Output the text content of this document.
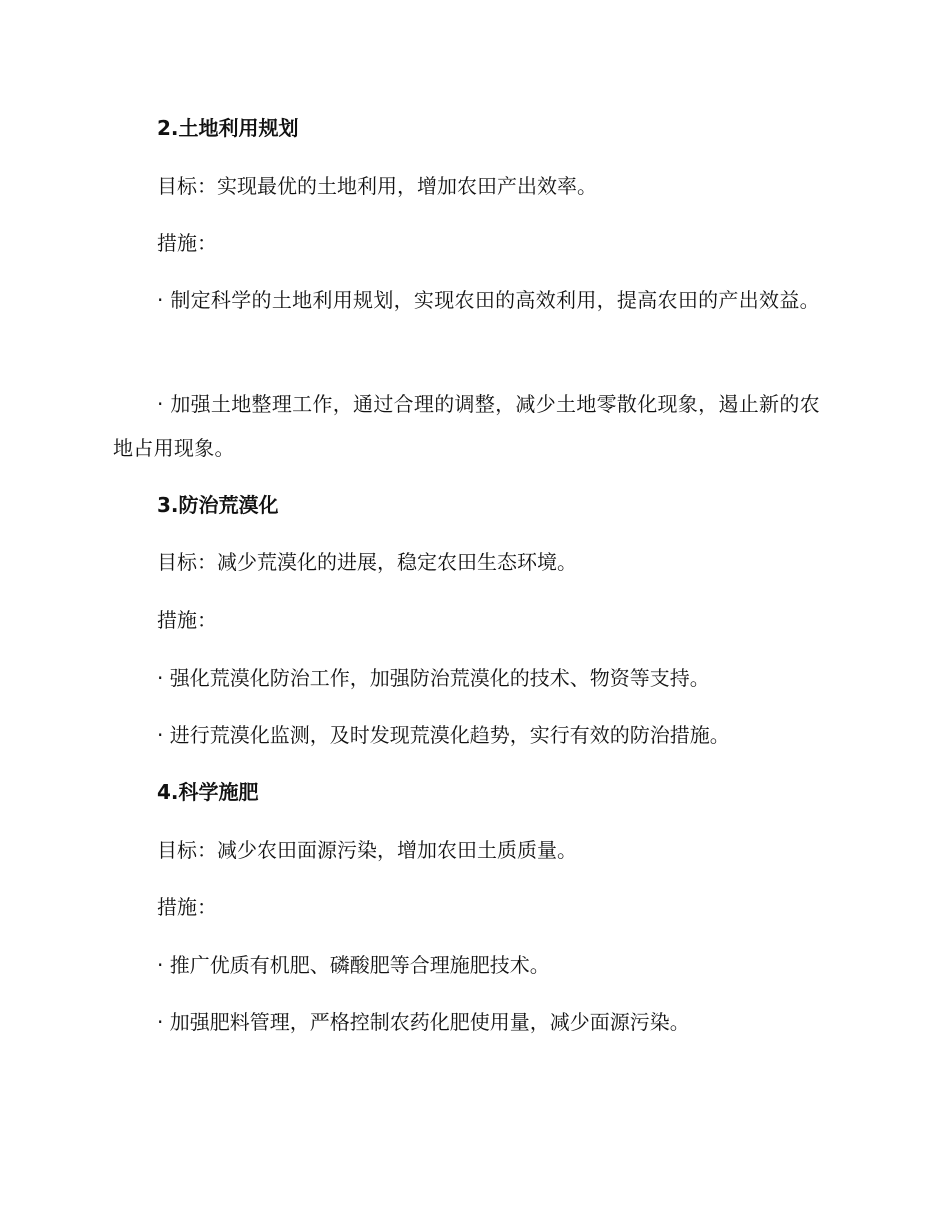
2.土地利用规划
目标：实现最优的土地利用，增加农田产出效率。
措施：
· 制定科学的土地利用规划，实现农田的高效利用，提高农田的产出效益。
· 加强土地整理工作，通过合理的调整，减少土地零散化现象，遏止新的农地占用现象。
3.防治荒漠化
目标：减少荒漠化的进展，稳定农田生态环境。
措施：
· 强化荒漠化防治工作，加强防治荒漠化的技术、物资等支持。
· 进行荒漠化监测，及时发现荒漠化趋势，实行有效的防治措施。
4.科学施肥
目标：减少农田面源污染，增加农田土质质量。
措施：
· 推广优质有机肥、磷酸肥等合理施肥技术。
· 加强肥料管理，严格控制农药化肥使用量，减少面源污染。
